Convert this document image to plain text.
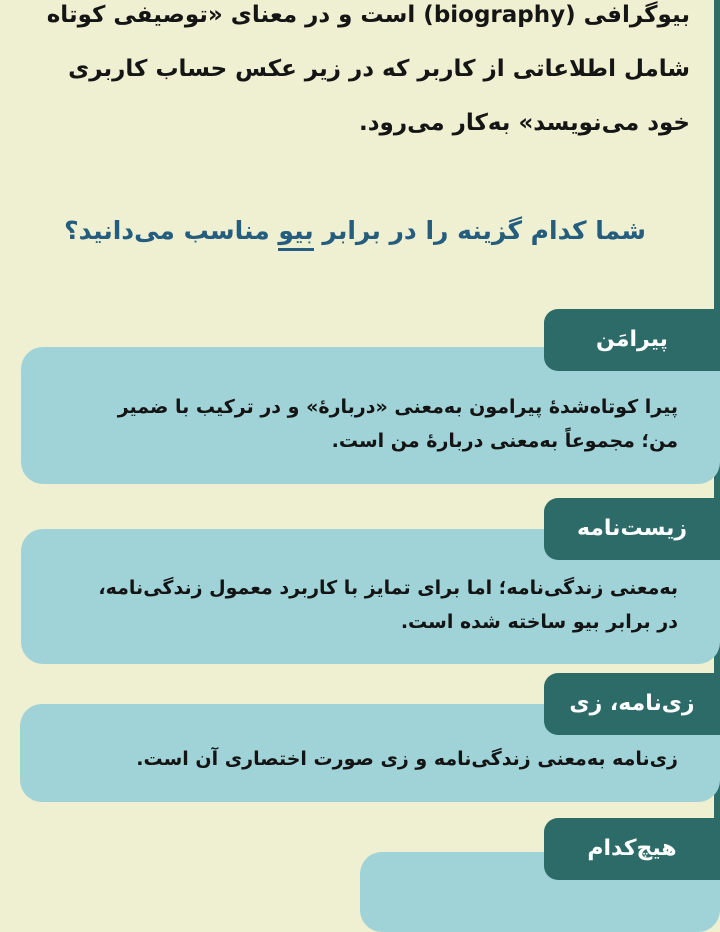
بیوگرافی (biography) است و در معنای «توصیفی کوتاه
شامل اطلاعاتی از کاربر که در زیر عکس حساب کاربری
خود می‌نویسد» به‌کار می‌رود.
شما کدام گزینه را در برابر بیو مناسب می‌دانید؟
پیرا کوتاه‌شدۀ پیرامون به‌معنی «دربارۀ» و در ترکیب با ضمیر
من؛ مجموعاً به‌معنی دربارۀ من است.
پیرامَن
به‌معنی زندگی‌نامه؛ اما برای تمایز با کاربرد معمول زندگی‌نامه،
در برابر بیو ساخته شده است.
زیست‌نامه
زی‌نامه به‌معنی زندگی‌نامه و زی صورت اختصاری آن است.
زی‌نامه، زی
هیچ‌کدام
